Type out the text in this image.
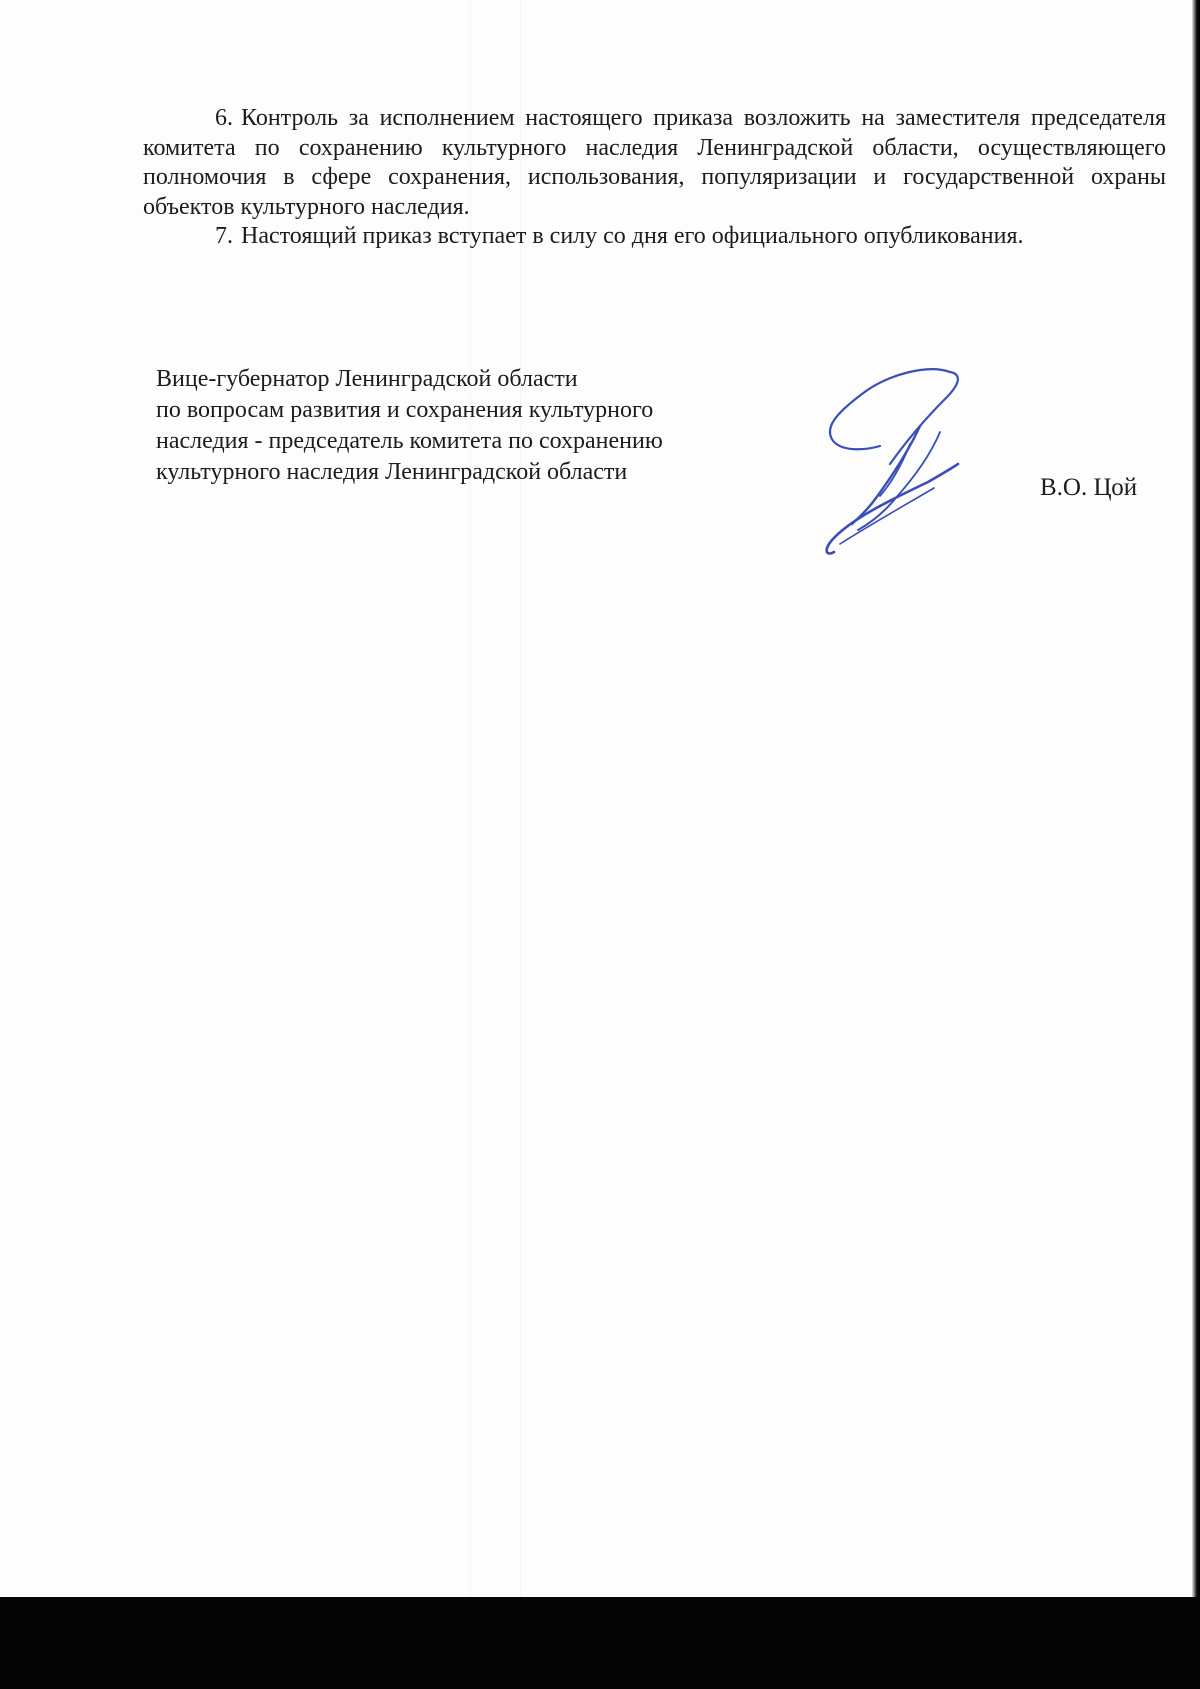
6. Контроль за исполнением настоящего приказа возложить на заместителя председателя комитета по сохранению культурного наследия Ленинградской области, осуществляющего полномочия в сфере сохранения, использования, популяризации и государственной охраны объектов культурного наследия.

7. Настоящий приказ вступает в силу со дня его официального опубликования.

Вице-губернатор Ленинградской области
по вопросам развития и сохранения культурного
наследия - председатель комитета по сохранению
культурного наследия Ленинградской области
В.О. Цой
